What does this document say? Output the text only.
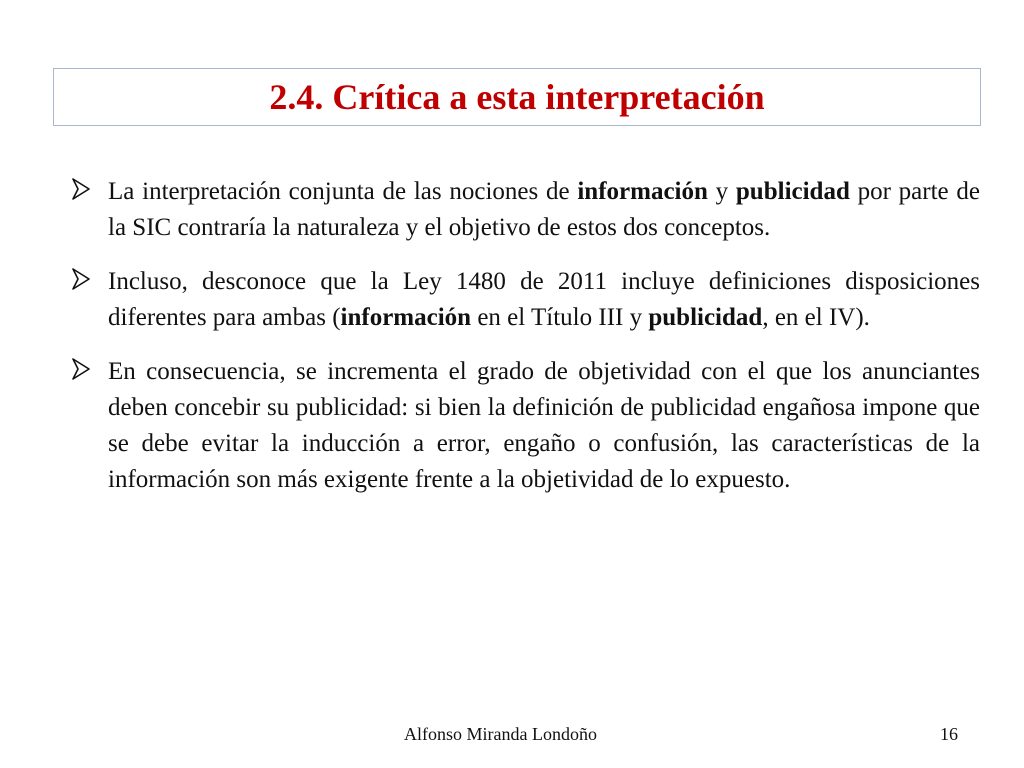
2.4. Crítica a esta interpretación
La interpretación conjunta de las nociones de información y publicidad por parte de la SIC contraría la naturaleza y el objetivo de estos dos conceptos.
Incluso, desconoce que la Ley 1480 de 2011 incluye definiciones disposiciones diferentes para ambas (información en el Título III y publicidad, en el IV).
En consecuencia, se incrementa el grado de objetividad con el que los anunciantes deben concebir su publicidad: si bien la definición de publicidad engañosa impone que se debe evitar la inducción a error, engaño o confusión, las características de la información son más exigente frente a la objetividad de lo expuesto.
Alfonso Miranda Londoño	16
